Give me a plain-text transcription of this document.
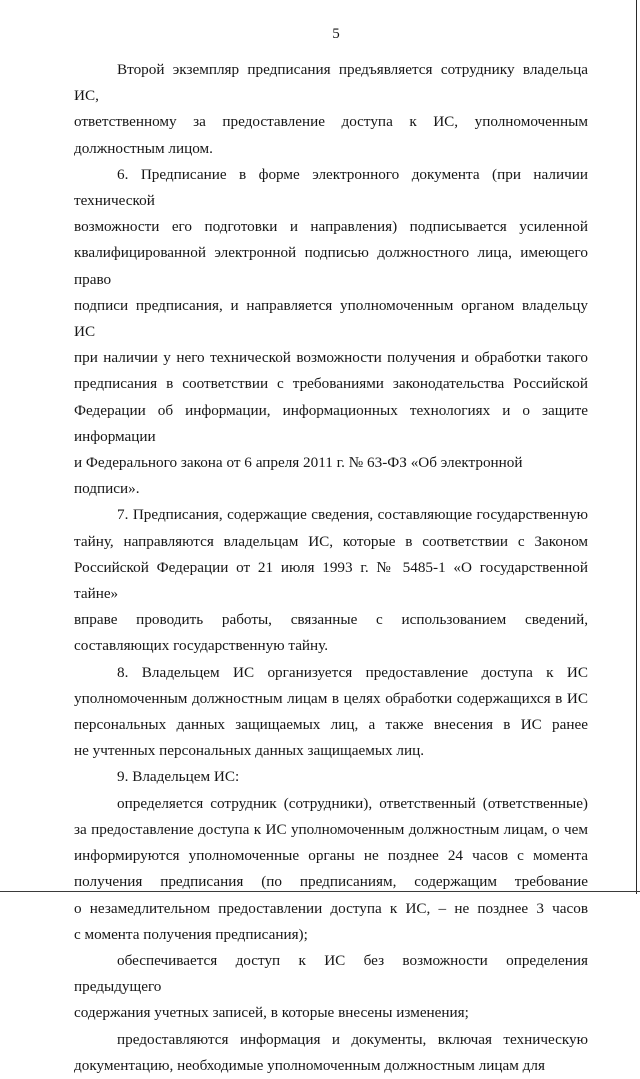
5

Второй экземпляр предписания предъявляется сотруднику владельца ИС,
ответственному за предоставление доступа к ИС, уполномоченным
должностным лицом.

6. Предписание в форме электронного документа (при наличии технической
возможности его подготовки и направления) подписывается усиленной
квалифицированной электронной подписью должностного лица, имеющего право
подписи предписания, и направляется уполномоченным органом владельцу ИС
при наличии у него технической возможности получения и обработки такого
предписания в соответствии с требованиями законодательства Российской
Федерации об информации, информационных технологиях и о защите информации
и Федерального закона от 6 апреля 2011 г. № 63-ФЗ «Об электронной подписи».

7. Предписания, содержащие сведения, составляющие государственную
тайну, направляются владельцам ИС, которые в соответствии с Законом
Российской Федерации от 21 июля 1993 г. № 5485-1 «О государственной тайне»
вправе проводить работы, связанные с использованием сведений,
составляющих государственную тайну.

8. Владельцем ИС организуется предоставление доступа к ИС
уполномоченным должностным лицам в целях обработки содержащихся в ИС
персональных данных защищаемых лиц, а также внесения в ИС ранее
не учтенных персональных данных защищаемых лиц.

9. Владельцем ИС:

определяется сотрудник (сотрудники), ответственный (ответственные)
за предоставление доступа к ИС уполномоченным должностным лицам, о чем
информируются уполномоченные органы не позднее 24 часов с момента
получения предписания (по предписаниям, содержащим требование
о незамедлительном предоставлении доступа к ИС, – не позднее 3 часов
с момента получения предписания);

обеспечивается доступ к ИС без возможности определения предыдущего
содержания учетных записей, в которые внесены изменения;

предоставляются информация и документы, включая техническую
документацию, необходимые уполномоченным должностным лицам для
